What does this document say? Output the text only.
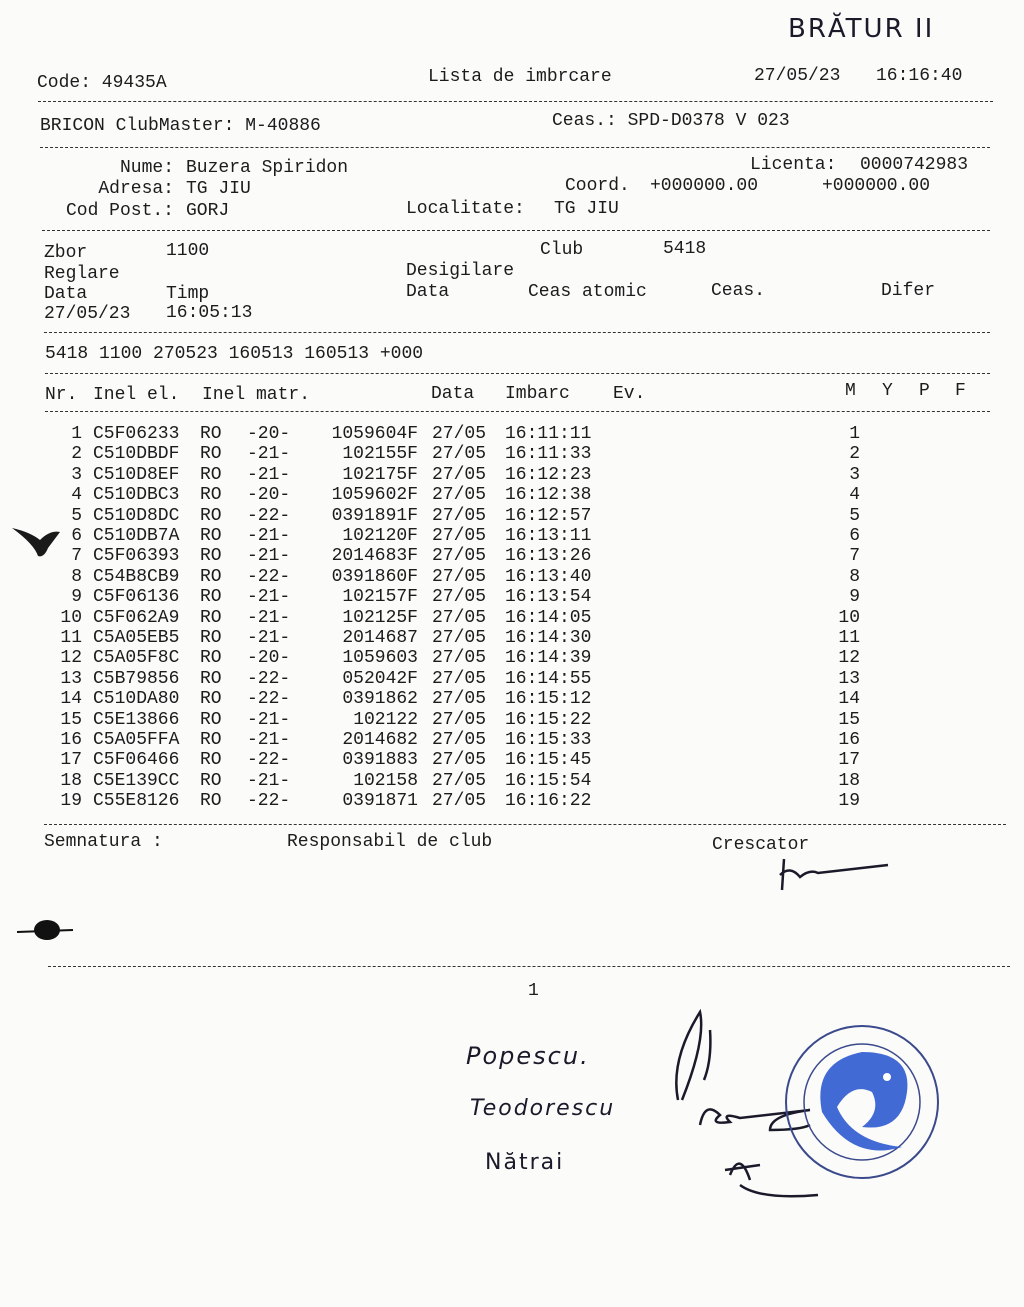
BRĂTUR II
Code: 49435A	Lista de imbrcare	27/05/23 16:16:40
BRICON ClubMaster: M-40886	Ceas.: SPD-D0378 V 023
Nume: Buzera Spiridon
Adresa: TG JIU
Cod Post.: GORJ
Licenta: 0000742983
Coord. +000000.00	+000000.00
Localitate: TG JIU
Zbor	1100	Club	5418
Reglare	Desigilare
Data	Timp	Data	Ceas atomic	Ceas.	Difer
27/05/23 16:05:13
5418 1100 270523 160513 160513 +000
Nr. Inel el. Inel matr.	Data Imbarc Ev.	M Y P F
1 C5F06233 RO -20-	1059604F 27/05 16:11:11	1
2 C510DBDF RO -21-	102155F 27/05 16:11:33	2
3 C510D8EF RO -21-	102175F 27/05 16:12:23	3
4 C510DBC3 RO -20-	1059602F 27/05 16:12:38	4
5 C510D8DC RO -22-	0391891F 27/05 16:12:57	5
6 C510DB7A RO -21-	102120F 27/05 16:13:11	6
7 C5F06393 RO -21-	2014683F 27/05 16:13:26	7
8 C54B8CB9 RO -22-	0391860F 27/05 16:13:40	8
9 C5F06136 RO -21-	102157F 27/05 16:13:54	9
10 C5F062A9 RO -21-	102125F 27/05 16:14:05	10
11 C5A05EB5 RO -21-	2014687 27/05 16:14:30	11
12 C5A05F8C RO -20-	1059603 27/05 16:14:39	12
13 C5B79856 RO -22-	052042F 27/05 16:14:55	13
14 C510DA80 RO -22-	0391862 27/05 16:15:12	14
15 C5E13866 RO -21-	102122 27/05 16:15:22	15
16 C5A05FFA RO -21-	2014682 27/05 16:15:33	16
17 C5F06466 RO -22-	0391883 27/05 16:15:45	17
18 C5E139CC RO -21-	102158 27/05 16:15:54	18
19 C55E8126 RO -22-	0391871 27/05 16:16:22	19
Semnatura :	Responsabil de club	Crescator
1
Popescu.
Teodorescu
Nătrai
